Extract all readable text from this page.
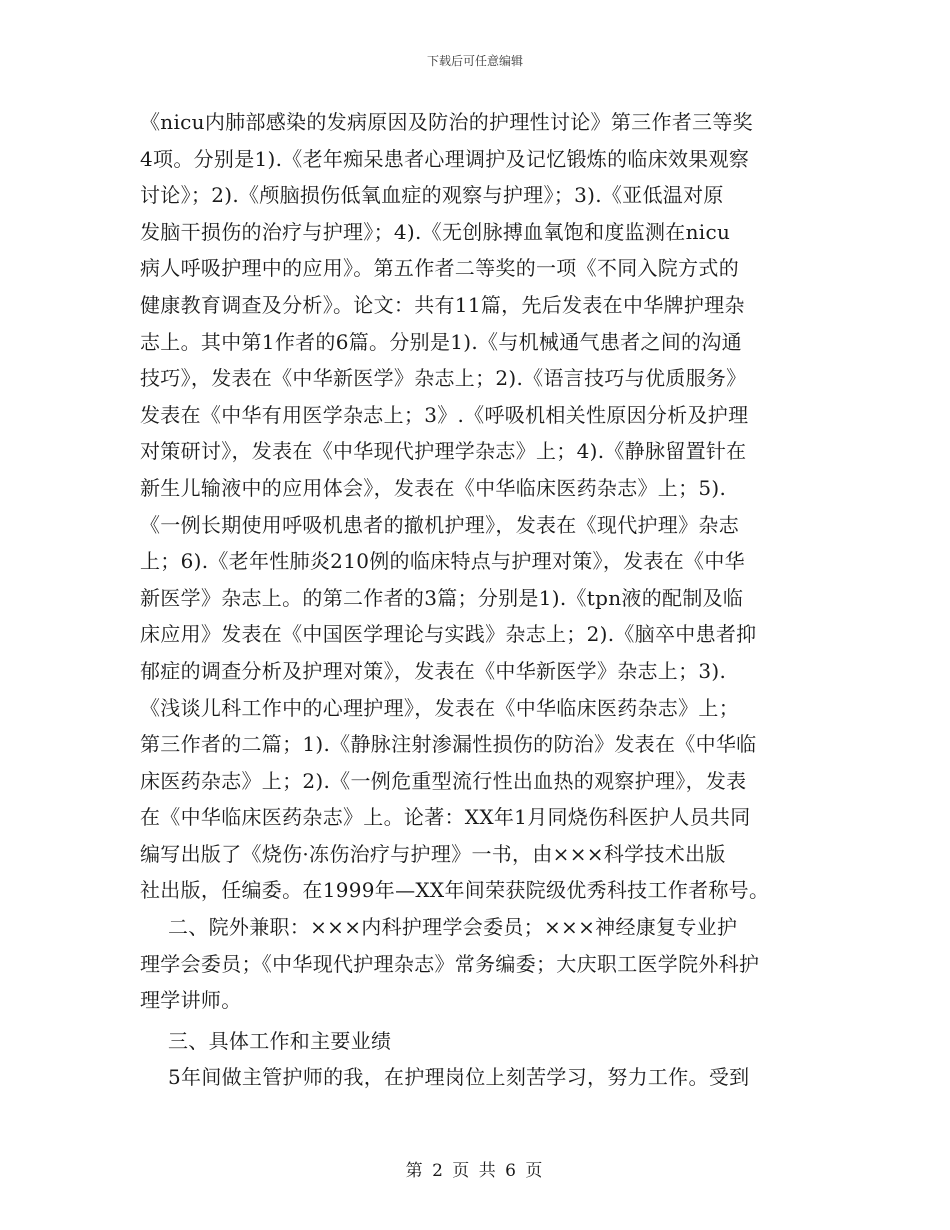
下载后可任意编辑
《nicu内肺部感染的发病原因及防治的护理性讨论》第三作者三等奖
4项。分别是1).《老年痴呆患者心理调护及记忆锻炼的临床效果观察
讨论》；2).《颅脑损伤低氧血症的观察与护理》；3).《亚低温对原
发脑干损伤的治疗与护理》；4).《无创脉搏血氧饱和度监测在nicu
病人呼吸护理中的应用》。第五作者二等奖的一项《不同入院方式的
健康教育调查及分析》。论文：共有11篇，先后发表在中华牌护理杂
志上。其中第1作者的6篇。分别是1).《与机械通气患者之间的沟通
技巧》，发表在《中华新医学》杂志上；2).《语言技巧与优质服务》
发表在《中华有用医学杂志上；3》.《呼吸机相关性原因分析及护理
对策研讨》，发表在《中华现代护理学杂志》上；4).《静脉留置针在
新生儿输液中的应用体会》，发表在《中华临床医药杂志》上；5).
《一例长期使用呼吸机患者的撤机护理》，发表在《现代护理》杂志
上；6).《老年性肺炎210例的临床特点与护理对策》，发表在《中华
新医学》杂志上。的第二作者的3篇；分别是1).《tpn液的配制及临
床应用》发表在《中国医学理论与实践》杂志上；2).《脑卒中患者抑
郁症的调查分析及护理对策》，发表在《中华新医学》杂志上；3).
《浅谈儿科工作中的心理护理》，发表在《中华临床医药杂志》上；
第三作者的二篇；1).《静脉注射渗漏性损伤的防治》发表在《中华临
床医药杂志》上；2).《一例危重型流行性出血热的观察护理》，发表
在《中华临床医药杂志》上。论著：XX年1月同烧伤科医护人员共同
编写出版了《烧伤·冻伤治疗与护理》一书，由×××科学技术出版
社出版，任编委。在1999年—XX年间荣获院级优秀科技工作者称号。
二、院外兼职：×××内科护理学会委员；×××神经康复专业护
理学会委员；《中华现代护理杂志》常务编委；大庆职工医学院外科护
理学讲师。
三、具体工作和主要业绩
5年间做主管护师的我，在护理岗位上刻苦学习，努力工作。受到
第 2 页 共 6 页
